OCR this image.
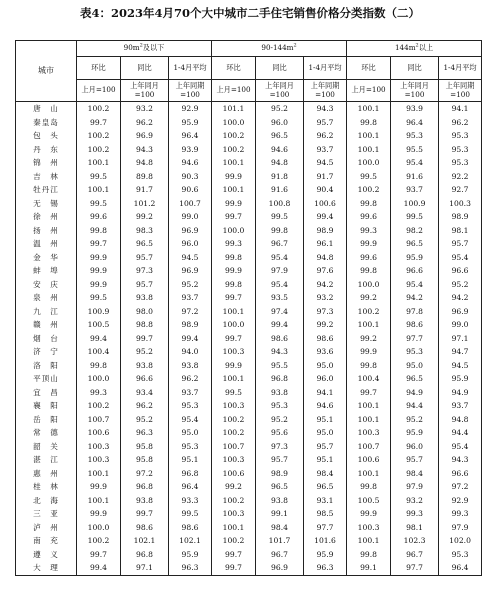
表4：2023年4月70个大中城市二手住宅销售价格分类指数（二）
城市	$90m^2$及以下			$90-144m^2$			$144m^2$以上		
	环比	同比	1-4月平均	环比	同比	1-4月平均	环比	同比	1-4月平均
	上月=100	上年同月=100	上年同期=100	上月=100	上年同月=100	上年同期=100	上月=100	上年同月=100	上年同期=100
唐　山	100.2	93.2	92.9	101.1	95.2	94.3	100.1	93.9	94.1
秦皇岛	99.7	96.2	95.9	100.0	96.0	95.7	99.8	96.4	96.2
包　头	100.2	96.9	96.4	100.2	96.5	96.2	100.1	95.3	95.3
丹　东	100.2	94.3	93.9	100.2	94.6	93.7	100.1	95.5	95.3
锦　州	100.1	94.8	94.6	100.1	94.8	94.5	100.0	95.4	95.3
吉　林	99.5	89.8	90.3	99.9	91.8	91.7	99.5	91.6	92.2
牡丹江	100.1	91.7	90.6	100.1	91.6	90.4	100.2	93.7	92.7
无　锡	99.5	101.2	100.7	99.9	100.8	100.6	99.8	100.9	100.3
徐　州	99.6	99.2	99.0	99.7	99.5	99.4	99.6	99.5	98.9
扬　州	99.8	98.3	96.9	100.0	99.8	98.9	99.3	98.2	98.1
温　州	99.7	96.5	96.0	99.3	96.7	96.1	99.9	96.5	95.7
金　华	99.9	95.7	94.5	99.8	95.4	94.8	99.6	95.9	95.4
蚌　埠	99.9	97.3	96.9	99.9	97.9	97.6	99.8	96.6	96.6
安　庆	99.9	95.7	95.2	99.8	95.4	94.2	100.0	95.4	95.2
泉　州	99.5	93.8	93.7	99.7	93.5	93.2	99.2	94.2	94.2
九　江	100.9	98.0	97.2	100.1	97.4	97.3	100.2	97.8	96.9
赣　州	100.5	98.8	98.9	100.0	99.4	99.2	100.1	98.6	99.0
烟　台	99.4	99.7	99.4	99.7	98.6	98.6	99.2	97.7	97.1
济　宁	100.4	95.2	94.0	100.3	94.3	93.6	99.9	95.3	94.7
洛　阳	99.8	93.8	93.8	99.9	95.5	95.0	99.8	95.0	94.5
平顶山	100.0	96.6	96.2	100.1	96.8	96.0	100.4	96.5	95.9
宜　昌	99.3	93.4	93.7	99.5	93.8	94.1	99.7	94.9	94.9
襄　阳	100.2	96.2	95.3	100.3	95.3	94.6	100.1	94.4	93.7
岳　阳	100.7	95.2	95.4	100.2	95.2	95.1	100.1	95.2	94.8
常　德	100.6	96.3	95.0	100.2	95.6	95.0	100.3	95.9	94.4
韶　关	100.3	95.8	95.3	100.7	97.3	95.7	100.7	96.0	95.4
湛　江	100.3	95.8	95.1	100.3	95.7	95.1	100.6	95.7	94.3
惠　州	100.1	97.2	96.8	100.6	98.9	98.4	100.1	98.4	96.6
桂　林	99.9	96.8	96.4	99.2	96.5	96.5	99.8	97.9	97.2
北　海	100.1	93.8	93.3	100.2	93.8	93.1	100.5	93.2	92.9
三　亚	99.9	99.7	99.5	100.3	99.1	98.5	99.9	99.3	99.3
泸　州	100.0	98.6	98.6	100.1	98.4	97.7	100.3	98.1	97.9
南　充	100.2	102.1	102.1	100.2	101.7	101.6	100.1	102.3	102.0
遵　义	99.7	96.8	95.9	99.7	96.7	95.9	99.8	96.7	95.3
大　理	99.4	97.1	96.3	99.7	96.9	96.3	99.1	97.7	96.4
